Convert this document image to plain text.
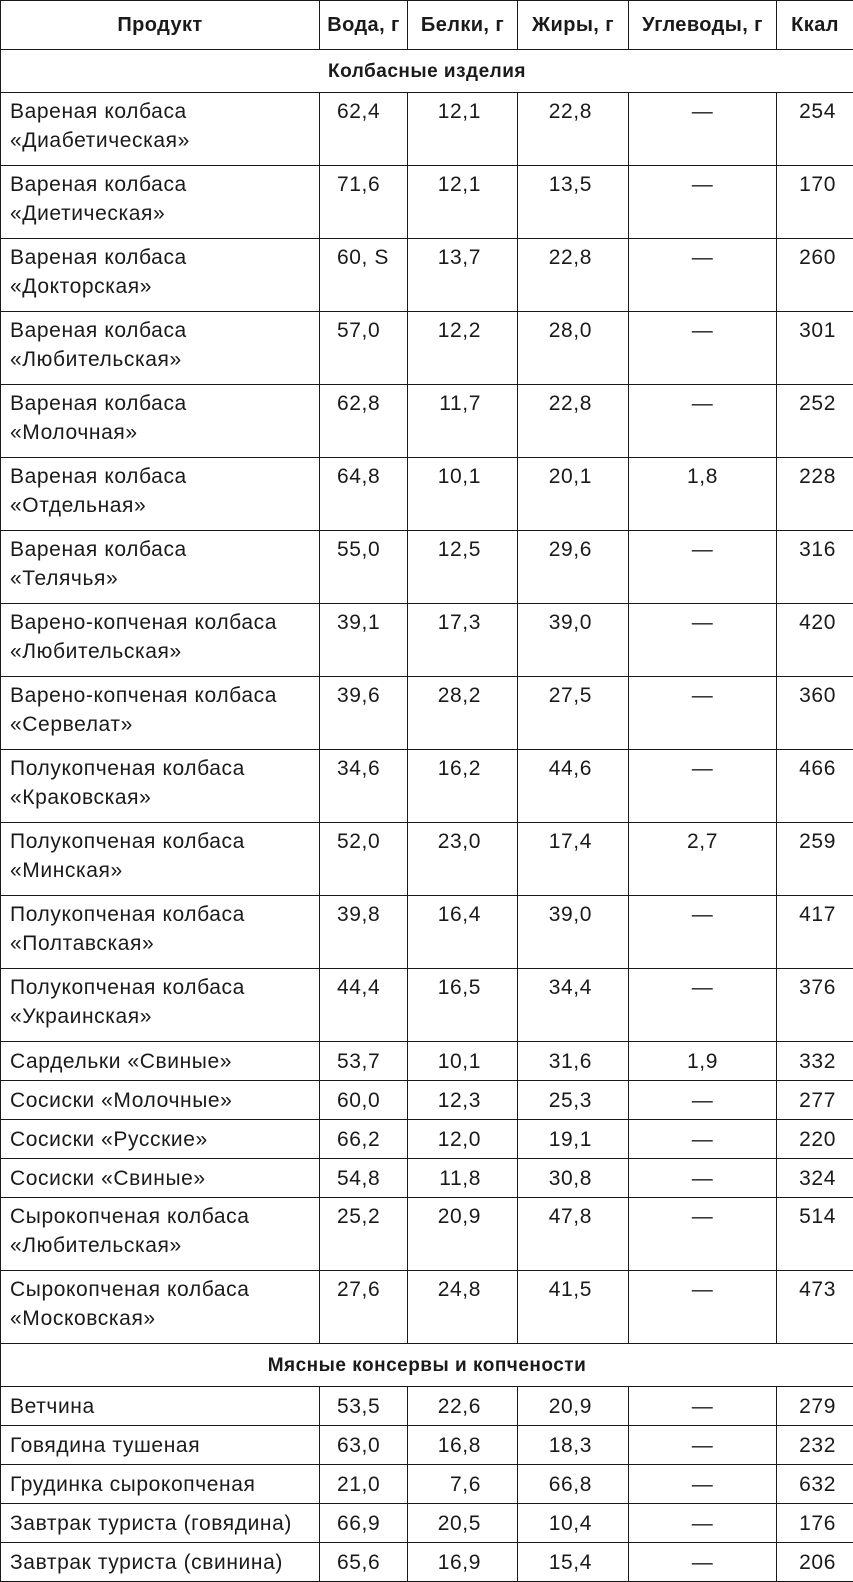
Продукт	Вода, г	Белки, г	Жиры, г	Углеводы, г	Ккал
Колбасные изделия					

Вареная колбаса
«Диабетическая»	62,4	12,1	22,8	—	254

Вареная колбаса
«Диетическая»	71,6	12,1	13,5	—	170

Вареная колбаса
«Докторская»	60, S	13,7	22,8	—	260

Вареная колбаса
«Любительская»	57,0	12,2	28,0	—	301

Вареная колбаса
«Молочная»	62,8	11,7	22,8	—	252

Вареная колбаса
«Отдельная»	64,8	10,1	20,1	1,8	228

Вареная колбаса
«Телячья»	55,0	12,5	29,6	—	316

Варено-копченая колбаса
«Любительская»	39,1	17,3	39,0	—	420

Варено-копченая колбаса
«Сервелат»	39,6	28,2	27,5	—	360

Полукопченая колбаса
«Краковская»	34,6	16,2	44,6	—	466

Полукопченая колбаса
«Минская»	52,0	23,0	17,4	2,7	259

Полукопченая колбаса
«Полтавская»	39,8	16,4	39,0	—	417

Полукопченая колбаса
«Украинская»	44,4	16,5	34,4	—	376

Сардельки «Свиные»	53,7	10,1	31,6	1,9	332

Сосиски «Молочные»	60,0	12,3	25,3	—	277

Сосиски «Русские»	66,2	12,0	19,1	—	220

Сосиски «Свиные»	54,8	11,8	30,8	—	324

Сырокопченая колбаса
«Любительская»	25,2	20,9	47,8	—	514

Сырокопченая колбаса
«Московская»	27,6	24,8	41,5	—	473
Мясные консервы и копчености					

Ветчина	53,5	22,6	20,9	—	279

Говядина тушеная	63,0	16,8	18,3	—	232

Грудинка сырокопченая	21,0	7,6	66,8	—	632

Завтрак туриста (говядина)	66,9	20,5	10,4	—	176

Завтрак туриста (свинина)	65,6	16,9	15,4	—	206
